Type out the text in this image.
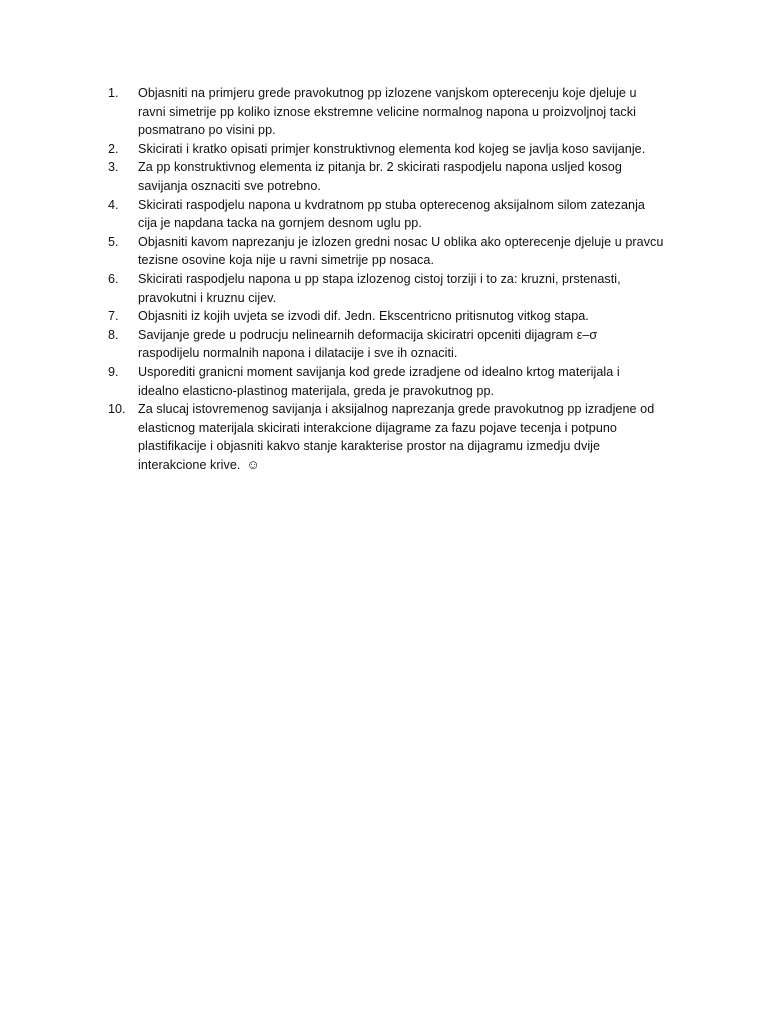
1.	Objasniti na primjeru grede pravokutnog pp izlozene vanjskom opterecenju koje djeluje u
ravni simetrije pp koliko iznose ekstremne velicine normalnog napona u proizvoljnoj tacki
posmatrano po visini pp.
2.	Skicirati i kratko opisati primjer konstruktivnog elementa kod kojeg se javlja koso savijanje.
3.	Za pp konstruktivnog elementa iz pitanja br. 2 skicirati raspodjelu napona usljed kosog
savijanja osznaciti sve potrebno.
4.	Skicirati raspodjelu napona u kvdratnom pp stuba opterecenog aksijalnom silom zatezanja
cija je napdana tacka na gornjem desnom uglu pp.
5.	Objasniti kavom naprezanju je izlozen gredni nosac U oblika ako opterecenje djeluje u pravcu
tezisne osovine koja nije u ravni simetrije pp nosaca.
6.	Skicirati raspodjelu napona u pp stapa izlozenog cistoj torziji i to za: kruzni, prstenasti,
pravokutni i kruznu cijev.
7.	Objasniti iz kojih uvjeta se izvodi dif. Jedn. Ekscentricno pritisnutog vitkog stapa.
8.	Savijanje grede u podrucju nelinearnih deformacija skiciratri opceniti dijagram ε–σ
raspodijelu normalnih napona i dilatacije i sve ih oznaciti.
9.	Usporediti granicni moment savijanja kod grede izradjene od idealno krtog materijala i
idealno elasticno-plastinog materijala, greda je pravokutnog pp.
10. Za slucaj istovremenog savijanja i aksijalnog naprezanja grede pravokutnog pp izradjene od
elasticnog materijala skicirati interakcione dijagrame za fazu pojave tecenja i potpuno
plastifikacije i objasniti kakvo stanje karakterise prostor na dijagramu izmedju dvije
interakcione krive. ☺
